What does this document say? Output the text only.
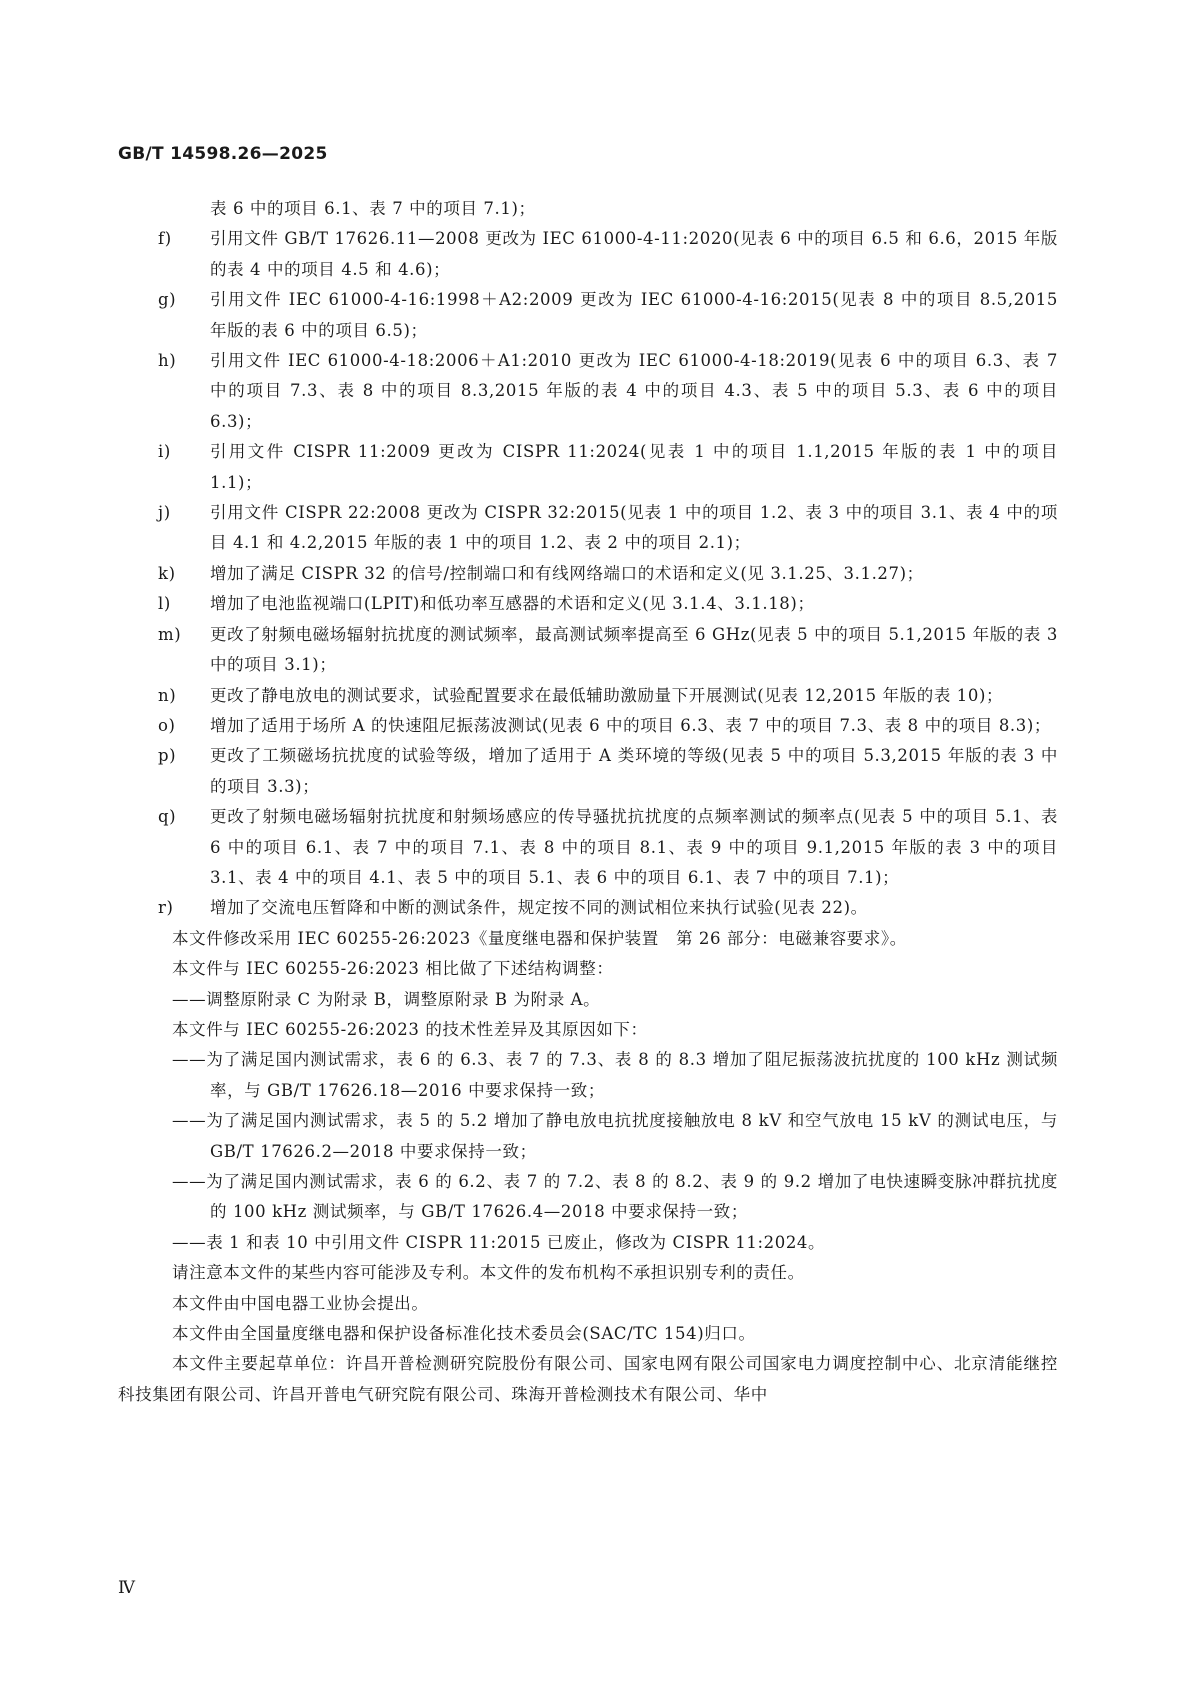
GB/T 14598.26—2025
表 6 中的项目 6.1、表 7 中的项目 7.1)；
f) 引用文件 GB/T 17626.11—2008 更改为 IEC 61000-4-11:2020(见表 6 中的项目 6.5 和 6.6，2015 年版的表 4 中的项目 4.5 和 4.6)；
g) 引用文件 IEC 61000-4-16:1998＋A2:2009 更改为 IEC 61000-4-16:2015(见表 8 中的项目 8.5,2015 年版的表 6 中的项目 6.5)；
h) 引用文件 IEC 61000-4-18:2006＋A1:2010 更改为 IEC 61000-4-18:2019(见表 6 中的项目 6.3、表 7 中的项目 7.3、表 8 中的项目 8.3,2015 年版的表 4 中的项目 4.3、表 5 中的项目 5.3、表 6 中的项目 6.3)；
i) 引用文件 CISPR 11:2009 更改为 CISPR 11:2024(见表 1 中的项目 1.1,2015 年版的表 1 中的项目 1.1)；
j) 引用文件 CISPR 22:2008 更改为 CISPR 32:2015(见表 1 中的项目 1.2、表 3 中的项目 3.1、表 4 中的项目 4.1 和 4.2,2015 年版的表 1 中的项目 1.2、表 2 中的项目 2.1)；
k) 增加了满足 CISPR 32 的信号/控制端口和有线网络端口的术语和定义(见 3.1.25、3.1.27)；
l) 增加了电池监视端口(LPIT)和低功率互感器的术语和定义(见 3.1.4、3.1.18)；
m) 更改了射频电磁场辐射抗扰度的测试频率，最高测试频率提高至 6 GHz(见表 5 中的项目 5.1,2015 年版的表 3 中的项目 3.1)；
n) 更改了静电放电的测试要求，试验配置要求在最低辅助激励量下开展测试(见表 12,2015 年版的表 10)；
o) 增加了适用于场所 A 的快速阻尼振荡波测试(见表 6 中的项目 6.3、表 7 中的项目 7.3、表 8 中的项目 8.3)；
p) 更改了工频磁场抗扰度的试验等级，增加了适用于 A 类环境的等级(见表 5 中的项目 5.3,2015 年版的表 3 中的项目 3.3)；
q) 更改了射频电磁场辐射抗扰度和射频场感应的传导骚扰抗扰度的点频率测试的频率点(见表 5 中的项目 5.1、表 6 中的项目 6.1、表 7 中的项目 7.1、表 8 中的项目 8.1、表 9 中的项目 9.1,2015 年版的表 3 中的项目 3.1、表 4 中的项目 4.1、表 5 中的项目 5.1、表 6 中的项目 6.1、表 7 中的项目 7.1)；
r) 增加了交流电压暂降和中断的测试条件，规定按不同的测试相位来执行试验(见表 22)。
本文件修改采用 IEC 60255-26:2023《量度继电器和保护装置　第 26 部分：电磁兼容要求》。
本文件与 IEC 60255-26:2023 相比做了下述结构调整：
——调整原附录 C 为附录 B，调整原附录 B 为附录 A。
本文件与 IEC 60255-26:2023 的技术性差异及其原因如下：
——为了满足国内测试需求，表 6 的 6.3、表 7 的 7.3、表 8 的 8.3 增加了阻尼振荡波抗扰度的 100 kHz 测试频率，与 GB/T 17626.18—2016 中要求保持一致；
——为了满足国内测试需求，表 5 的 5.2 增加了静电放电抗扰度接触放电 8 kV 和空气放电 15 kV 的测试电压，与 GB/T 17626.2—2018 中要求保持一致；
——为了满足国内测试需求，表 6 的 6.2、表 7 的 7.2、表 8 的 8.2、表 9 的 9.2 增加了电快速瞬变脉冲群抗扰度的 100 kHz 测试频率，与 GB/T 17626.4—2018 中要求保持一致；
——表 1 和表 10 中引用文件 CISPR 11:2015 已废止，修改为 CISPR 11:2024。
请注意本文件的某些内容可能涉及专利。本文件的发布机构不承担识别专利的责任。
本文件由中国电器工业协会提出。
本文件由全国量度继电器和保护设备标准化技术委员会(SAC/TC 154)归口。
本文件主要起草单位：许昌开普检测研究院股份有限公司、国家电网有限公司国家电力调度控制中心、北京清能继控科技集团有限公司、许昌开普电气研究院有限公司、珠海开普检测技术有限公司、华中
Ⅳ
